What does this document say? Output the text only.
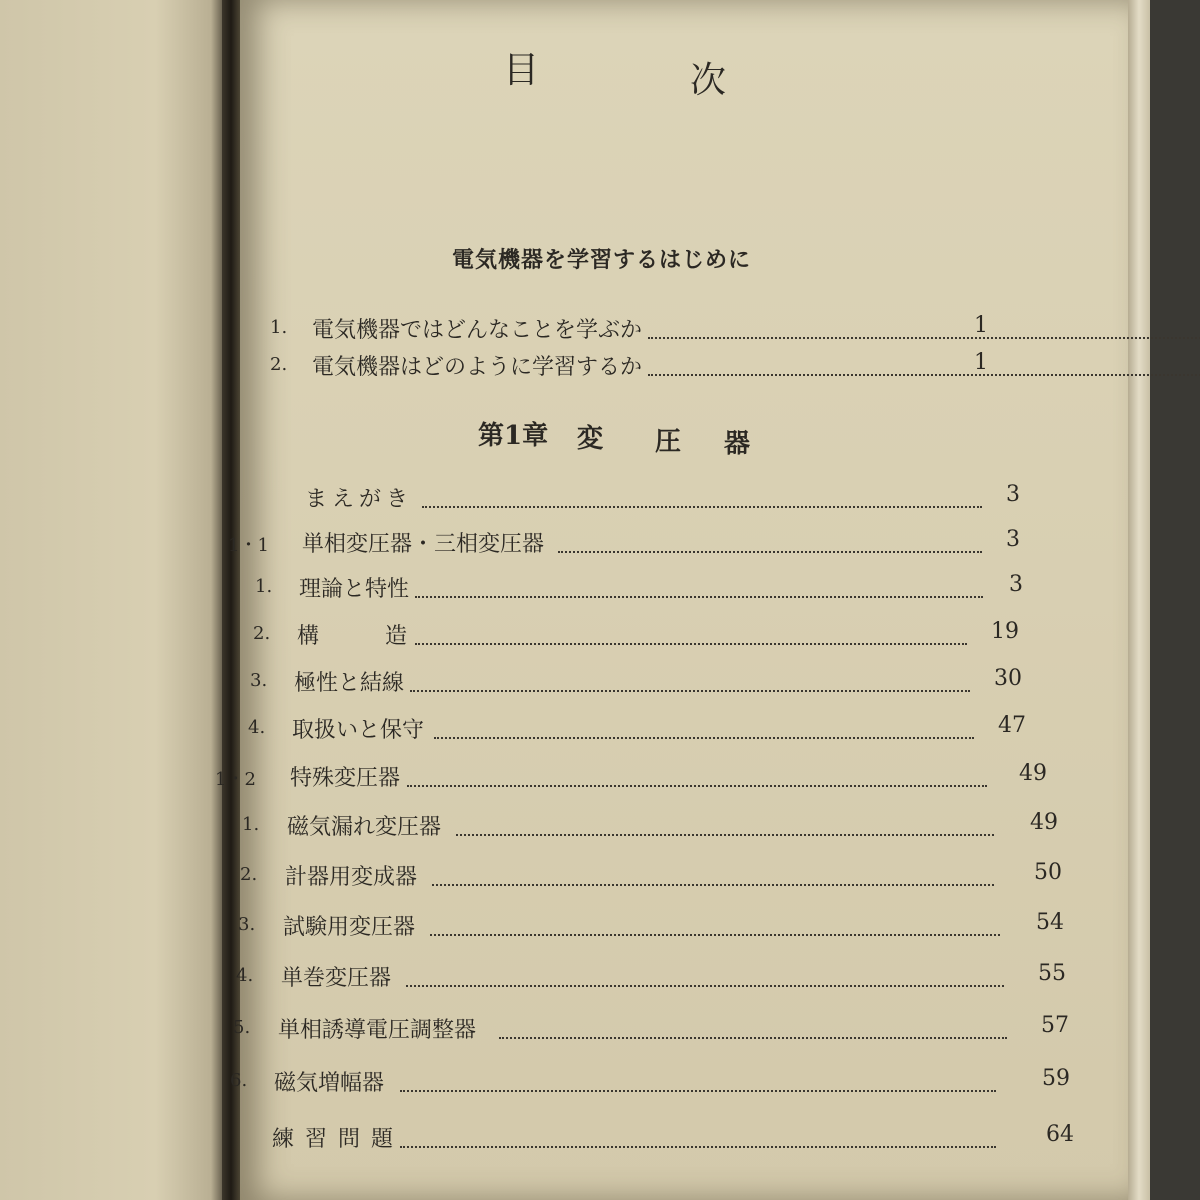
目	次
電気機器を学習するはじめに
1. 電気機器ではどんなことを学ぶか	1
2. 電気機器はどのように学習するか	1
第1章 変 圧 器
まえがき	3
1・1 単相変圧器・三相変圧器	3
1. 理論と特性	3
2. 構　　　造	19
3. 極性と結線	30
4. 取扱いと保守	47
1・2 特殊変圧器	49
1. 磁気漏れ変圧器	49
2. 計器用変成器	50
3. 試験用変圧器	54
4. 単巻変圧器	55
5. 単相誘導電圧調整器	57
6. 磁気増幅器	59
練 習 問 題	64
